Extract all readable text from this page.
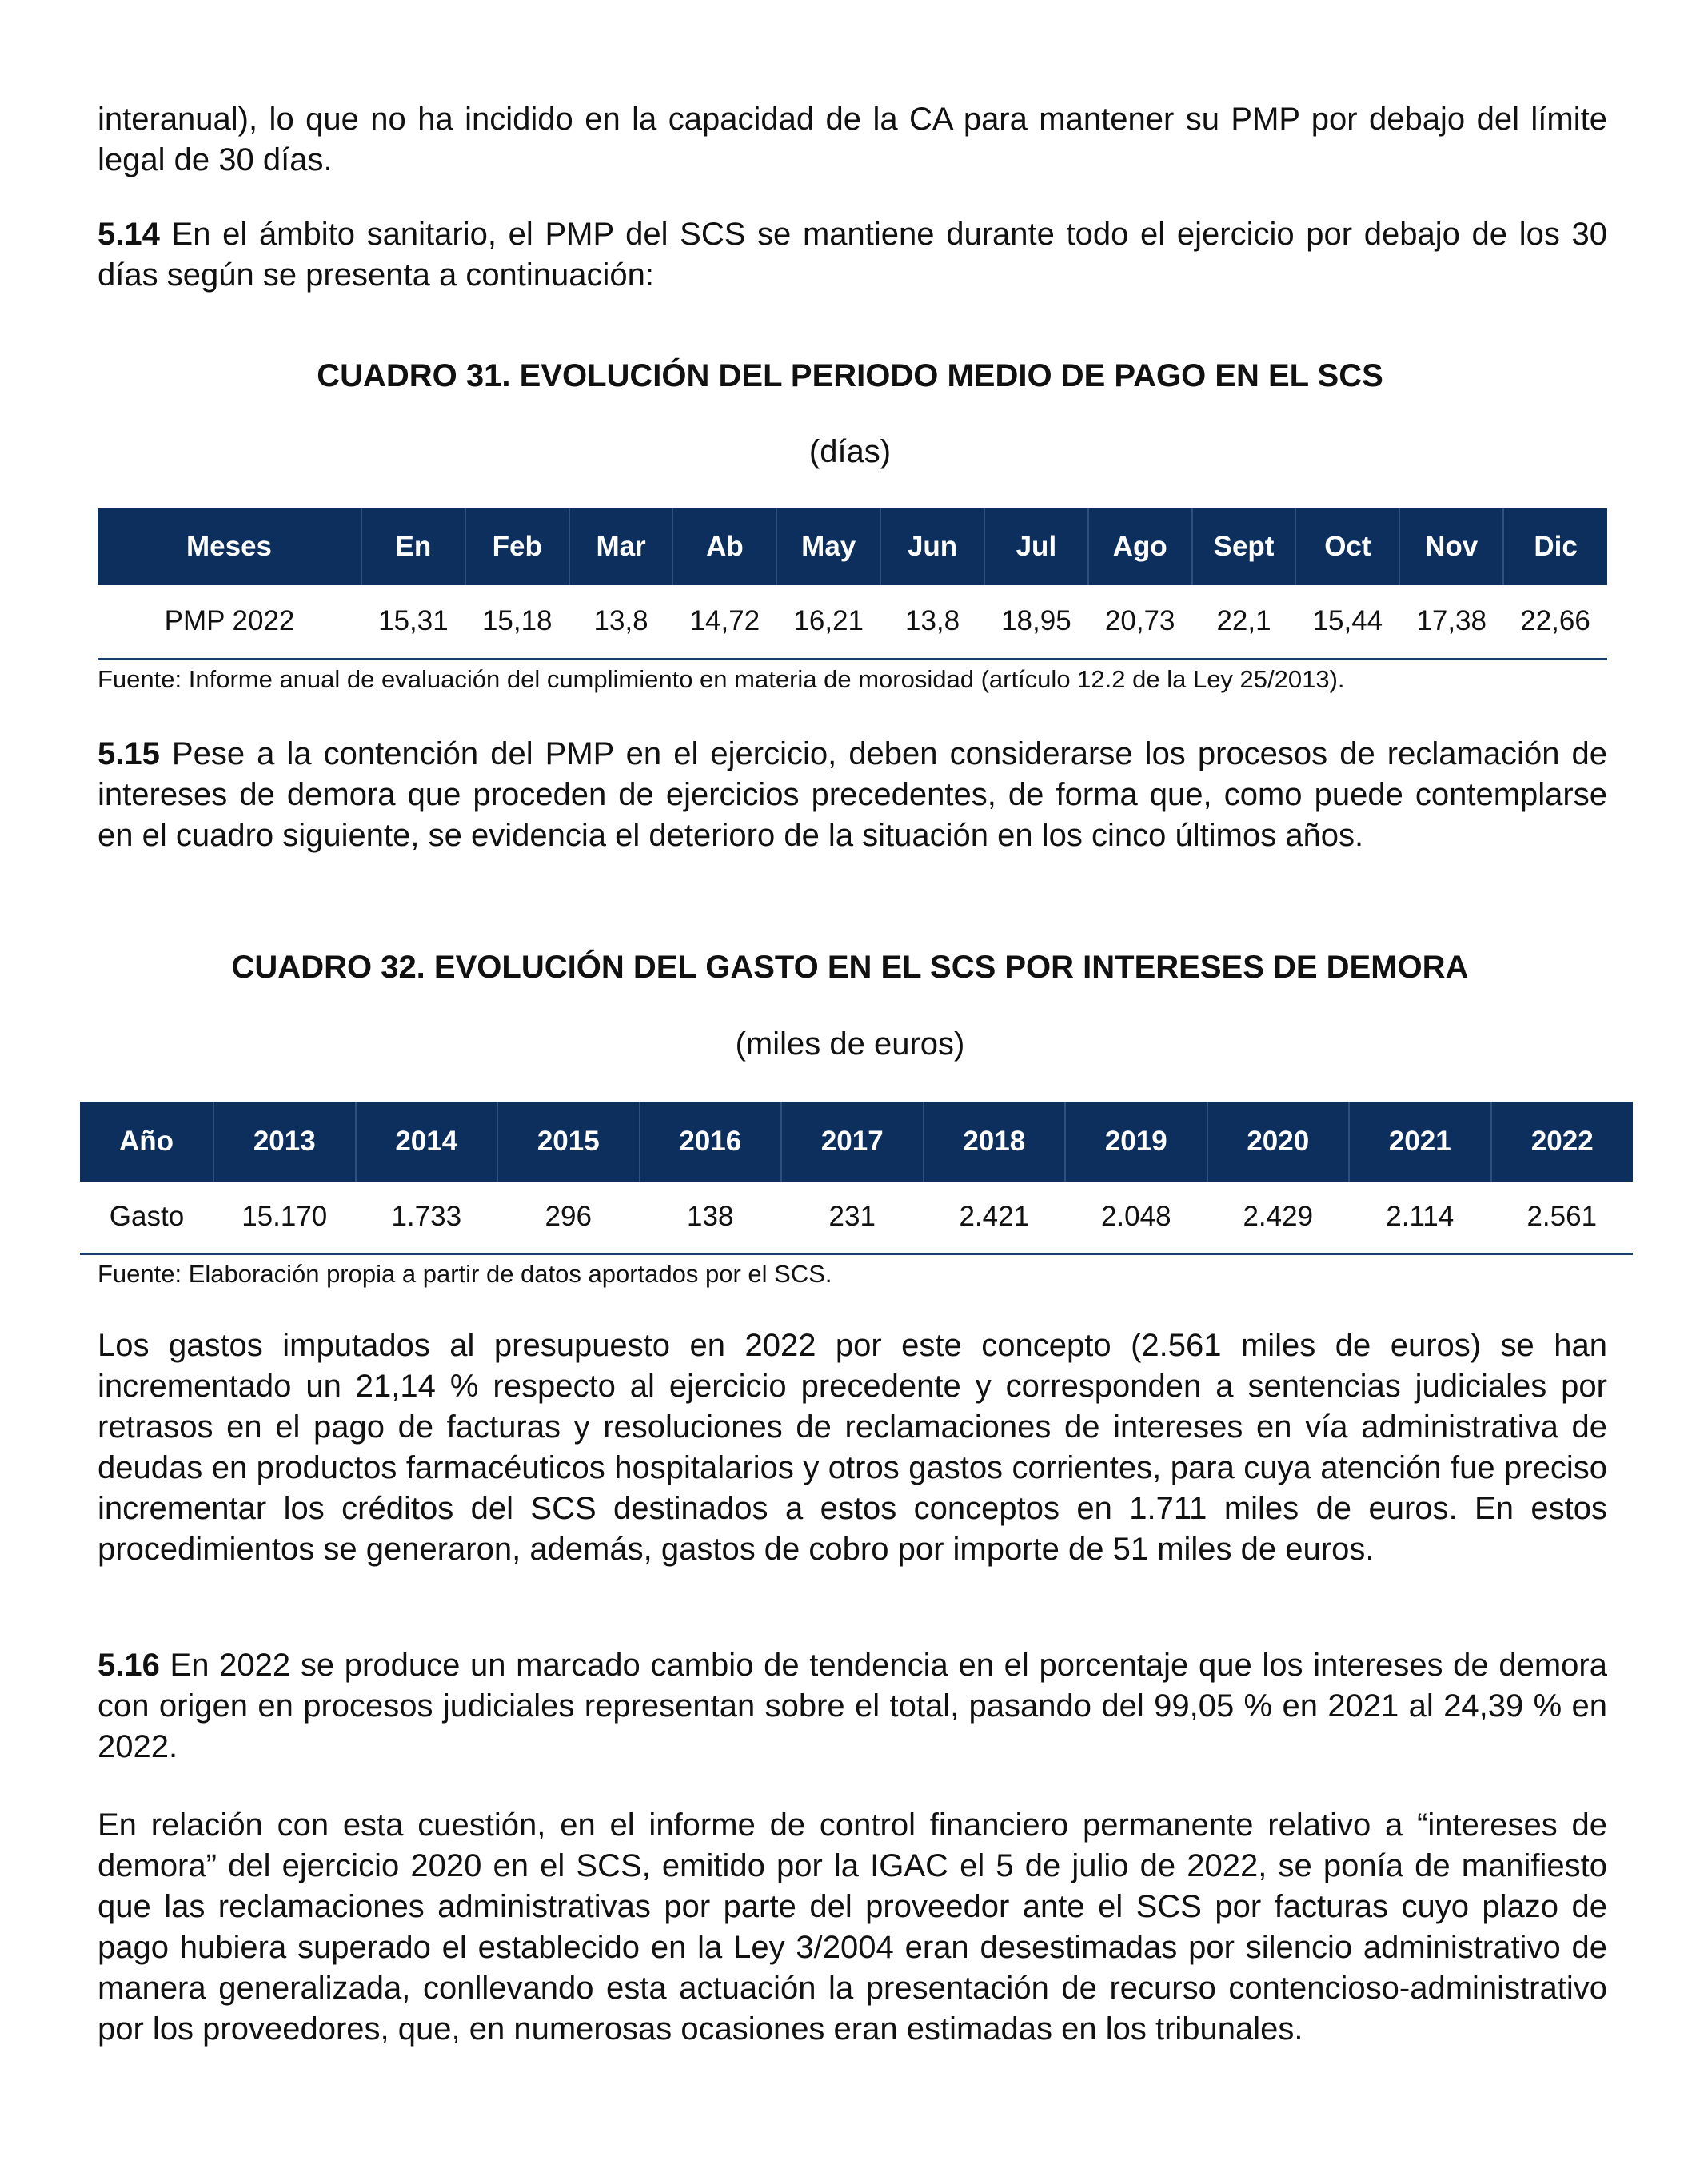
interanual), lo que no ha incidido en la capacidad de la CA para mantener su PMP por debajo del límite legal de 30 días.

5.14 En el ámbito sanitario, el PMP del SCS se mantiene durante todo el ejercicio por debajo de los 30 días según se presenta a continuación:

CUADRO 31. EVOLUCIÓN DEL PERIODO MEDIO DE PAGO EN EL SCS

(días)

Meses	En	Feb	Mar	Ab	May	Jun	Jul	Ago	Sept	Oct	Nov	Dic
PMP 2022	15,31	15,18	13,8	14,72	16,21	13,8	18,95	20,73	22,1	15,44	17,38	22,66

Fuente: Informe anual de evaluación del cumplimiento en materia de morosidad (artículo 12.2 de la Ley 25/2013).

5.15 Pese a la contención del PMP en el ejercicio, deben considerarse los procesos de reclamación de intereses de demora que proceden de ejercicios precedentes, de forma que, como puede contemplarse en el cuadro siguiente, se evidencia el deterioro de la situación en los cinco últimos años.

CUADRO 32. EVOLUCIÓN DEL GASTO EN EL SCS POR INTERESES DE DEMORA

(miles de euros)

Año	2013	2014	2015	2016	2017	2018	2019	2020	2021	2022
Gasto	15.170	1.733	296	138	231	2.421	2.048	2.429	2.114	2.561

Fuente: Elaboración propia a partir de datos aportados por el SCS.

Los gastos imputados al presupuesto en 2022 por este concepto (2.561 miles de euros) se han incrementado un 21,14 % respecto al ejercicio precedente y corresponden a sentencias judiciales por retrasos en el pago de facturas y resoluciones de reclamaciones de intereses en vía administrativa de deudas en productos farmacéuticos hospitalarios y otros gastos corrientes, para cuya atención fue preciso incrementar los créditos del SCS destinados a estos conceptos en 1.711 miles de euros. En estos procedimientos se generaron, además, gastos de cobro por importe de 51 miles de euros.

5.16 En 2022 se produce un marcado cambio de tendencia en el porcentaje que los intereses de demora con origen en procesos judiciales representan sobre el total, pasando del 99,05 % en 2021 al 24,39 % en 2022.

En relación con esta cuestión, en el informe de control financiero permanente relativo a “intereses de demora” del ejercicio 2020 en el SCS, emitido por la IGAC el 5 de julio de 2022, se ponía de manifiesto que las reclamaciones administrativas por parte del proveedor ante el SCS por facturas cuyo plazo de pago hubiera superado el establecido en la Ley 3/2004 eran desestimadas por silencio administrativo de manera generalizada, conllevando esta actuación la presentación de recurso contencioso-administrativo por los proveedores, que, en numerosas ocasiones eran estimadas en los tribunales.
